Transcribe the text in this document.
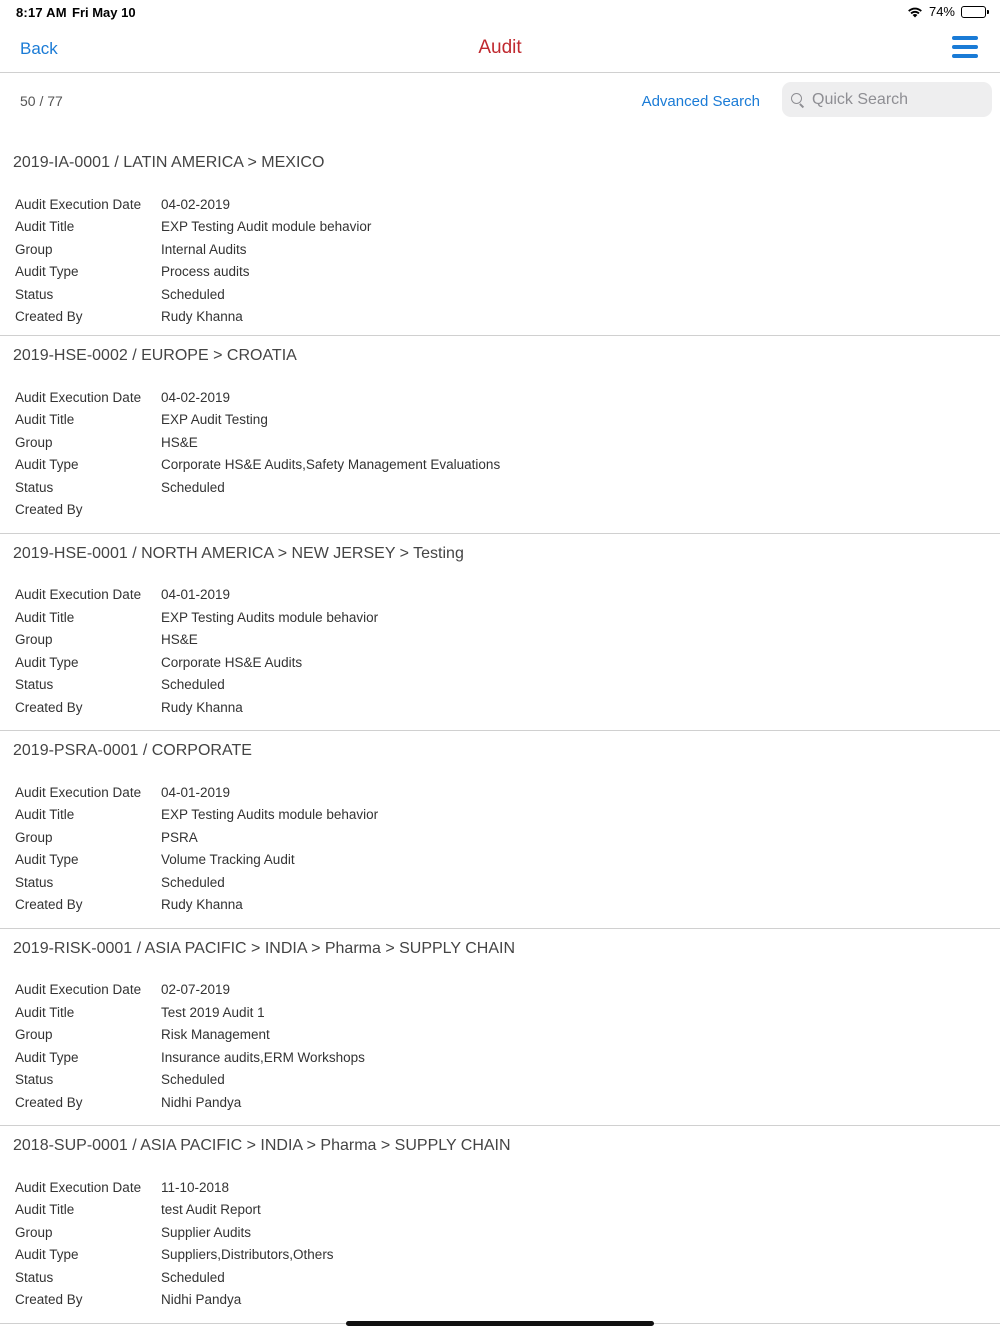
8:17 AM Fri May 10	74%
Back	Audit
50 / 77	Advanced Search
Quick Search
2019-IA-0001 / LATIN AMERICA > MEXICO
Audit Execution Date	04-02-2019
Audit Title	EXP Testing Audit module behavior
Group	Internal Audits
Audit Type	Process audits
Status	Scheduled
Created By	Rudy Khanna
2019-HSE-0002 / EUROPE > CROATIA
Audit Execution Date	04-02-2019
Audit Title	EXP Audit Testing
Group	HS&E
Audit Type	Corporate HS&E Audits,Safety Management Evaluations
Status	Scheduled
Created By
2019-HSE-0001 / NORTH AMERICA > NEW JERSEY > Testing
Audit Execution Date	04-01-2019
Audit Title	EXP Testing Audits module behavior
Group	HS&E
Audit Type	Corporate HS&E Audits
Status	Scheduled
Created By	Rudy Khanna
2019-PSRA-0001 / CORPORATE
Audit Execution Date	04-01-2019
Audit Title	EXP Testing Audits module behavior
Group	PSRA
Audit Type	Volume Tracking Audit
Status	Scheduled
Created By	Rudy Khanna
2019-RISK-0001 / ASIA PACIFIC > INDIA > Pharma > SUPPLY CHAIN
Audit Execution Date	02-07-2019
Audit Title	Test 2019 Audit 1
Group	Risk Management
Audit Type	Insurance audits,ERM Workshops
Status	Scheduled
Created By	Nidhi Pandya
2018-SUP-0001 / ASIA PACIFIC > INDIA > Pharma > SUPPLY CHAIN
Audit Execution Date	11-10-2018
Audit Title	test Audit Report
Group	Supplier Audits
Audit Type	Suppliers,Distributors,Others
Status	Scheduled
Created By	Nidhi Pandya
